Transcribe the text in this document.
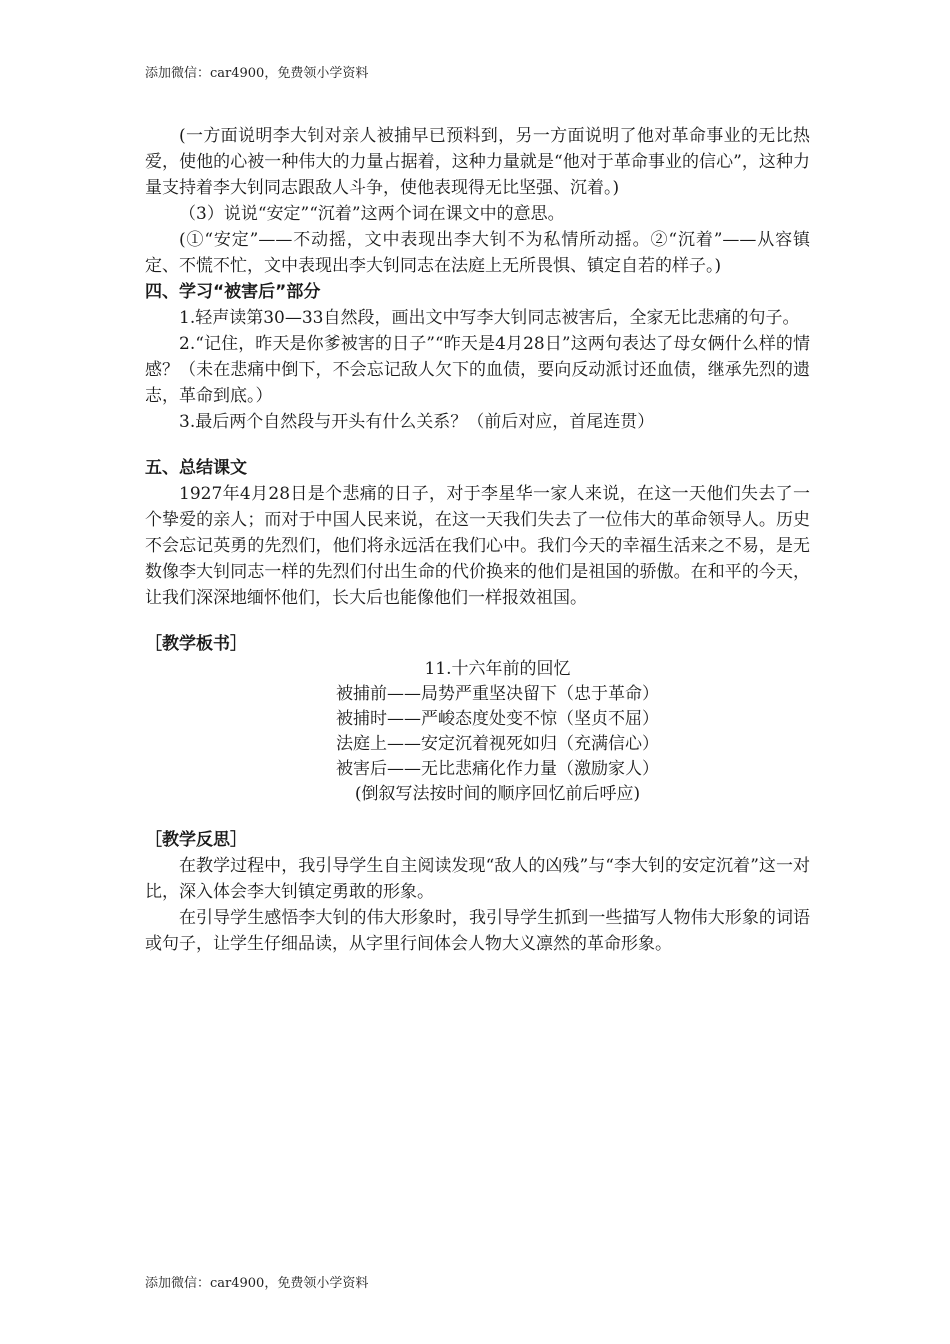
添加微信：car4900，免费领小学资料

(一方面说明李大钊对亲人被捕早已预料到，另一方面说明了他对革命事业的无比热爱，使他的心被一种伟大的力量占据着，这种力量就是“他对于革命事业的信心”，这种力量支持着李大钊同志跟敌人斗争，使他表现得无比坚强、沉着。)

（3）说说“安定”“沉着”这两个词在课文中的意思。

(①“安定”——不动摇，文中表现出李大钊不为私情所动摇。②“沉着”——从容镇定、不慌不忙，文中表现出李大钊同志在法庭上无所畏惧、镇定自若的样子。)

四、学习“被害后”部分

1.轻声读第30—33自然段，画出文中写李大钊同志被害后，全家无比悲痛的句子。

2.“记住，昨天是你爹被害的日子”“昨天是4月28日”这两句表达了母女俩什么样的情感？（未在悲痛中倒下，不会忘记敌人欠下的血债，要向反动派讨还血债，继承先烈的遗志，革命到底。）

3.最后两个自然段与开头有什么关系？（前后对应，首尾连贯）

五、总结课文

1927年4月28日是个悲痛的日子，对于李星华一家人来说，在这一天他们失去了一个挚爱的亲人；而对于中国人民来说，在这一天我们失去了一位伟大的革命领导人。历史不会忘记英勇的先烈们，他们将永远活在我们心中。我们今天的幸福生活来之不易，是无数像李大钊同志一样的先烈们付出生命的代价换来的他们是祖国的骄傲。在和平的今天，让我们深深地缅怀他们，长大后也能像他们一样报效祖国。

［教学板书］
11.十六年前的回忆
被捕前——局势严重坚决留下（忠于革命）
被捕时——严峻态度处变不惊（坚贞不屈）
法庭上——安定沉着视死如归（充满信心）
被害后——无比悲痛化作力量（激励家人）
(倒叙写法按时间的顺序回忆前后呼应)
［教学反思］

在教学过程中，我引导学生自主阅读发现“敌人的凶残”与“李大钊的安定沉着”这一对比，深入体会李大钊镇定勇敢的形象。

在引导学生感悟李大钊的伟大形象时，我引导学生抓到一些描写人物伟大形象的词语或句子，让学生仔细品读，从字里行间体会人物大义凛然的革命形象。

添加微信：car4900，免费领小学资料
